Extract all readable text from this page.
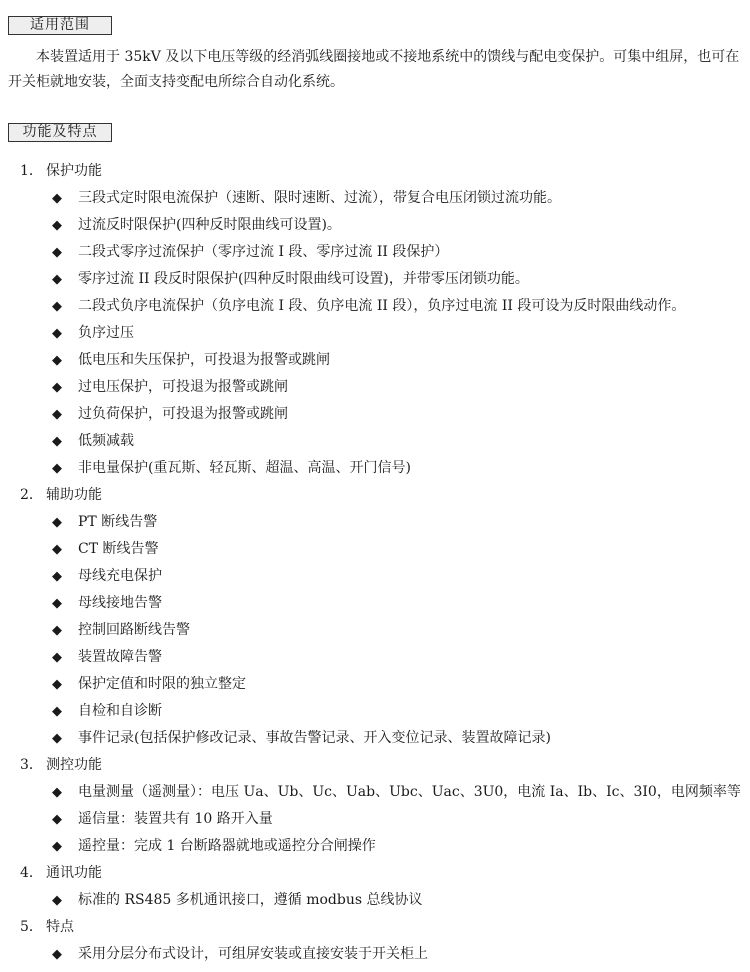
适用范围

本装置适用于 35kV 及以下电压等级的经消弧线圈接地或不接地系统中的馈线与配电变保护。可集中组屏，也可在开关柜就地安装，全面支持变配电所综合自动化系统。

功能及特点
1． 保护功能
◆ 三段式定时限电流保护（速断、限时速断、过流），带复合电压闭锁过流功能。
◆ 过流反时限保护(四种反时限曲线可设置)。
◆ 二段式零序过流保护（零序过流 I 段、零序过流 II 段保护）
◆ 零序过流 II 段反时限保护(四种反时限曲线可设置)，并带零压闭锁功能。
◆ 二段式负序电流保护（负序电流 I 段、负序电流 II 段），负序过电流 II 段可设为反时限曲线动作。
◆ 负序过压
◆ 低电压和失压保护，可投退为报警或跳闸
◆ 过电压保护，可投退为报警或跳闸
◆ 过负荷保护，可投退为报警或跳闸
◆ 低频减载
◆ 非电量保护(重瓦斯、轻瓦斯、超温、高温、开门信号)
2． 辅助功能
◆ PT 断线告警
◆ CT 断线告警
◆ 母线充电保护
◆ 母线接地告警
◆ 控制回路断线告警
◆ 装置故障告警
◆ 保护定值和时限的独立整定
◆ 自检和自诊断
◆ 事件记录(包括保护修改记录、事故告警记录、开入变位记录、装置故障记录)
3． 测控功能
◆ 电量测量（遥测量）：电压 Ua、Ub、Uc、Uab、Ubc、Uac、3U0，电流 Ia、Ib、Ic、3I0，电网频率等
◆ 遥信量：装置共有 10 路开入量
◆ 遥控量：完成 1 台断路器就地或遥控分合闸操作
4． 通讯功能
◆ 标准的 RS485 多机通讯接口，遵循 modbus 总线协议
5． 特点
◆ 采用分层分布式设计，可组屏安装或直接安装于开关柜上
